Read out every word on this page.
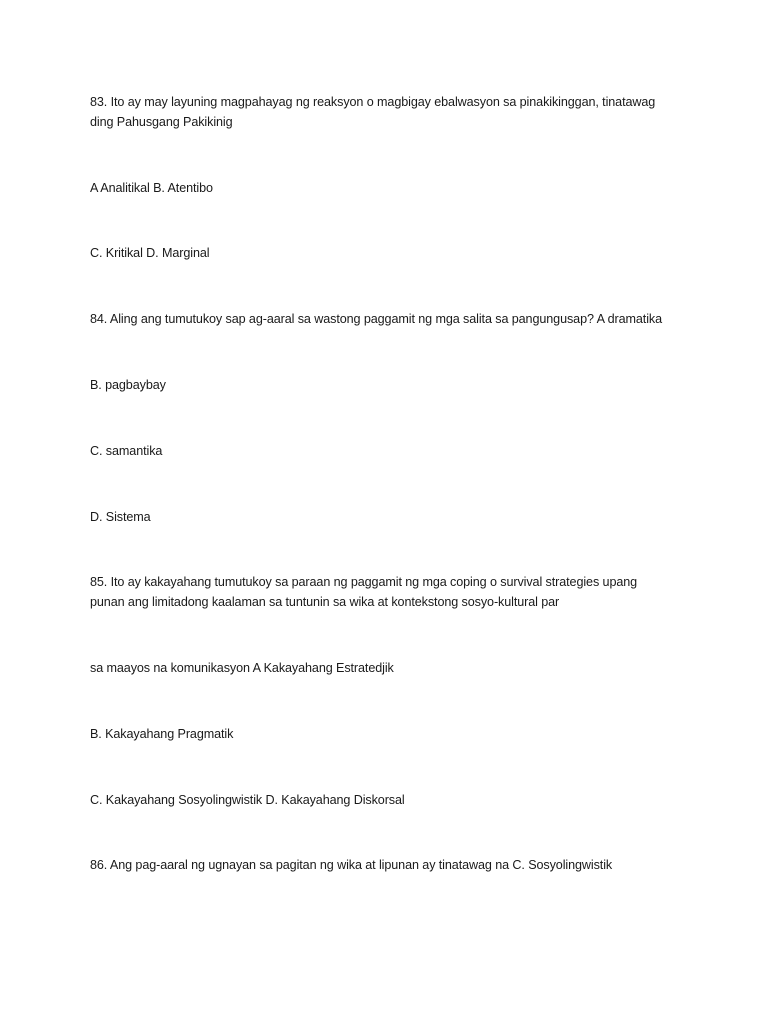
83. Ito ay may layuning magpahayag ng reaksyon o magbigay ebalwasyon sa pinakikinggan, tinatawag
ding Pahusgang Pakikinig
A Analitikal B. Atentibo
C. Kritikal D. Marginal
84. Aling ang tumutukoy sap ag-aaral sa wastong paggamit ng mga salita sa pangungusap? A dramatika
B. pagbaybay
C. samantika
D. Sistema
85. Ito ay kakayahang tumutukoy sa paraan ng paggamit ng mga coping o survival strategies upang
punan ang limitadong kaalaman sa tuntunin sa wika at kontekstong sosyo-kultural par
sa maayos na komunikasyon A Kakayahang Estratedjik
B. Kakayahang Pragmatik
C. Kakayahang Sosyolingwistik D. Kakayahang Diskorsal
86. Ang pag-aaral ng ugnayan sa pagitan ng wika at lipunan ay tinatawag na C. Sosyolingwistik
